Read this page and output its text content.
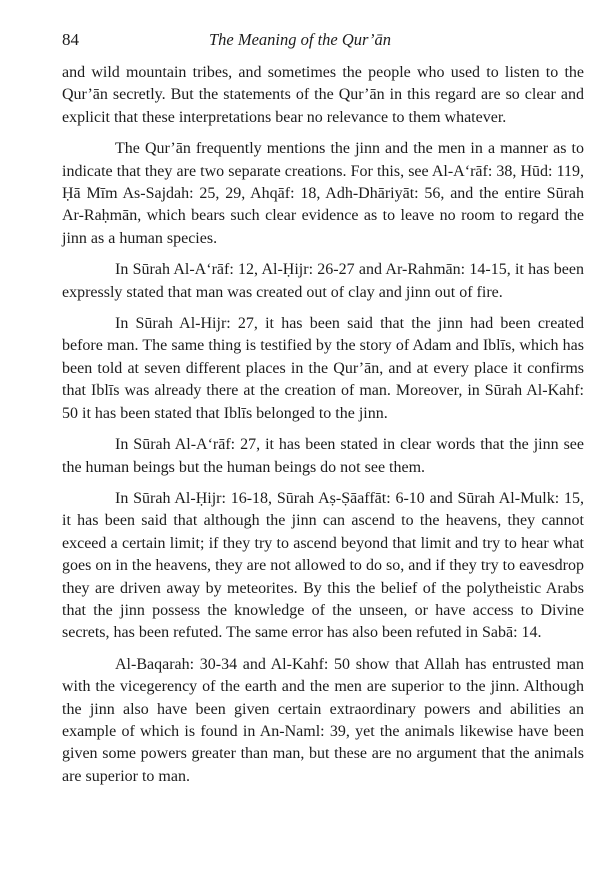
84	The Meaning of the Qur’ān

and wild mountain tribes, and sometimes the people who used to listen to the Qur’ān secretly. But the statements of the Qur’ān in this regard are so clear and explicit that these interpretations bear no relevance to them whatever.

The Qur’ān frequently mentions the jinn and the men in a manner as to indicate that they are two separate creations. For this, see Al-A‘rāf: 38, Hūd: 119, Ḥā Mīm As-Sajdah: 25, 29, Ahqāf: 18, Adh-Dhāriyāt: 56, and the entire Sūrah Ar-Raḥmān, which bears such clear evidence as to leave no room to regard the jinn as a human species.

In Sūrah Al-A‘rāf: 12, Al-Ḥijr: 26-27 and Ar-Rahmān: 14-15, it has been expressly stated that man was created out of clay and jinn out of fire.

In Sūrah Al-Hijr: 27, it has been said that the jinn had been created before man. The same thing is testified by the story of Adam and Iblīs, which has been told at seven different places in the Qur’ān, and at every place it confirms that Iblīs was already there at the creation of man. Moreover, in Sūrah Al-Kahf: 50 it has been stated that Iblīs belonged to the jinn.

In Sūrah Al-A‘rāf: 27, it has been stated in clear words that the jinn see the human beings but the human beings do not see them.

In Sūrah Al-Ḥijr: 16-18, Sūrah Aṣ-Ṣāaffāt: 6-10 and Sūrah Al-Mulk: 15, it has been said that although the jinn can ascend to the heavens, they cannot exceed a certain limit; if they try to ascend beyond that limit and try to hear what goes on in the heavens, they are not allowed to do so, and if they try to eavesdrop they are driven away by meteorites. By this the belief of the polytheistic Arabs that the jinn possess the knowledge of the unseen, or have access to Divine secrets, has been refuted. The same error has also been refuted in Sabā: 14.

Al-Baqarah: 30-34 and Al-Kahf: 50 show that Allah has entrusted man with the vicegerency of the earth and the men are superior to the jinn. Although the jinn also have been given certain extraordinary powers and abilities an example of which is found in An-Naml: 39, yet the animals likewise have been given some powers greater than man, but these are no argument that the animals are superior to man.
